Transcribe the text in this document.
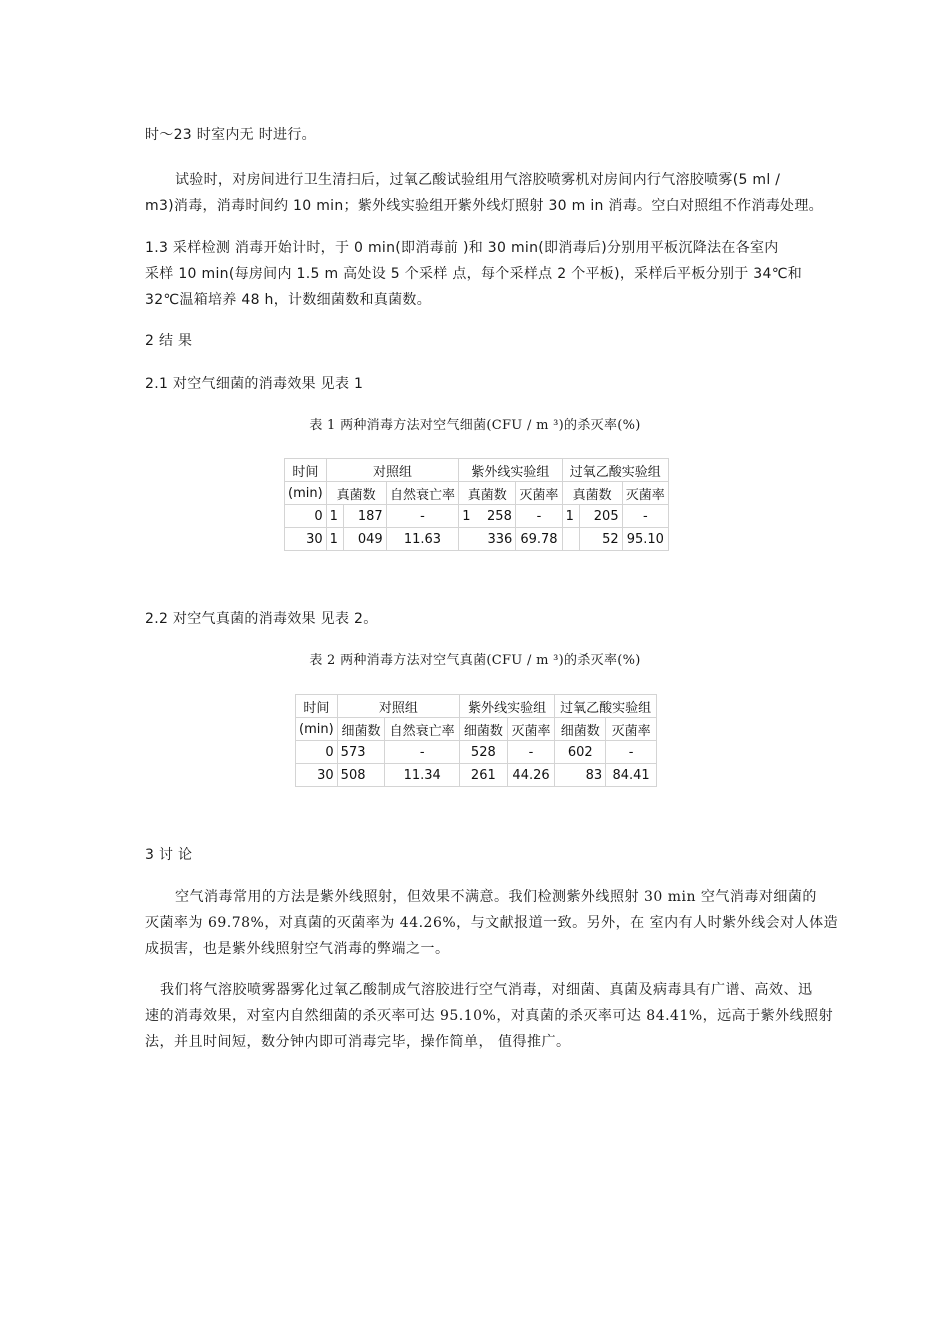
时～23 时室内无 时进行。
试验时，对房间进行卫生清扫后，过氧乙酸试验组用气溶胶喷雾机对房间内行气溶胶喷雾(5 ml /
m3)消毒，消毒时间约 10 min；紫外线实验组开紫外线灯照射 30 m in 消毒。空白对照组不作消毒处理。
1.3 采样检测 消毒开始计时，于 0 min(即消毒前 )和 30 min(即消毒后)分别用平板沉降法在各室内
采样 10 min(每房间内 1.5 m 高处设 5 个采样 点，每个采样点 2 个平板)，采样后平板分别于 34℃和
32℃温箱培养 48 h，计数细菌数和真菌数。
2 结 果
2.1 对空气细菌的消毒效果 见表 1
表 1 两种消毒方法对空气细菌(CFU / m ³)的杀灭率(%)
时间	对照组			紫外线实验组		过氧乙酸实验组		
(min)	真菌数		自然衰亡率	真菌数	灭菌率	真菌数		灭菌率
0	1	187	-	1 258	-	1	205	-
30	1	049	11.63	336	69.78		52	95.10
2.2 对空气真菌的消毒效果 见表 2。
表 2 两种消毒方法对空气真菌(CFU / m ³)的杀灭率(%)
时间	对照组		紫外线实验组		过氧乙酸实验组	
(min)	细菌数	自然衰亡率	细菌数	灭菌率	细菌数	灭菌率
0	573	-	528	-	602	-
30	508	11.34	261	44.26	83	84.41
3 讨 论
空气消毒常用的方法是紫外线照射，但效果不满意。我们检测紫外线照射 30 min 空气消毒对细菌的
灭菌率为 69.78%，对真菌的灭菌率为 44.26%，与文献报道一致。另外，在 室内有人时紫外线会对人体造
成损害，也是紫外线照射空气消毒的弊端之一。
我们将气溶胶喷雾器雾化过氧乙酸制成气溶胶进行空气消毒，对细菌、真菌及病毒具有广谱、高效、迅
速的消毒效果，对室内自然细菌的杀灭率可达 95.10%，对真菌的杀灭率可达 84.41%，远高于紫外线照射
法，并且时间短，数分钟内即可消毒完毕，操作简单， 值得推广。
